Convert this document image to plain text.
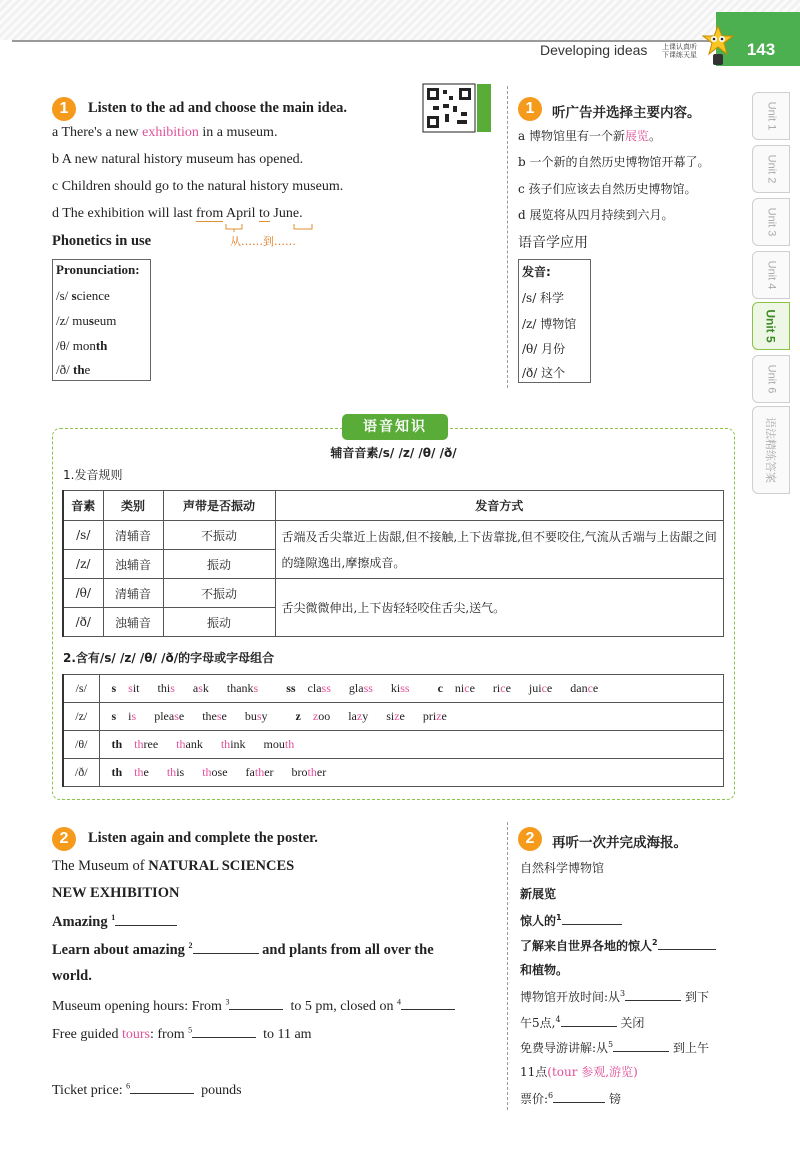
Developing ideas 上课认真听
下课练天星	143
Unit 1
Unit 2
Unit 3
Unit 4
Unit 5
Unit 6
语法精练答案
1	Listen to the ad and choose the main idea.
a There's a new exhibition in a museum.
b A new natural history museum has opened.
c Children should go to the natural history museum.
d The exhibition will last from April to June.
从……到……
Phonetics in use
Pronunciation:
/s/ science
/z/ museum
/θ/ month
/ð/ the
1	听广告并选择主要内容。
a 博物馆里有一个新展览。
b 一个新的自然历史博物馆开幕了。
c 孩子们应该去自然历史博物馆。
d 展览将从四月持续到六月。
语音学应用
发音:
/s/ 科学
/z/ 博物馆
/θ/ 月份
/ð/ 这个
语音知识
辅音音素/s/ /z/ /θ/ /ð/
1.发音规则
音素	类别	声带是否振动	发音方式
/s/	清辅音	不振动	舌端及舌尖靠近上齿龈,但不接触,上下齿靠拢,但不要咬住,气流从舌端与上齿龈之间的缝隙逸出,摩擦成音。
/z/	浊辅音	振动	
/θ/	清辅音	不振动	舌尖微微伸出,上下齿轻轻咬住舌尖,送气。
/ð/	浊辅音	振动	
2.含有/s/ /z/ /θ/ /ð/的字母或字母组合
/s/	s sit this ask thanks ss class glass kiss c nice rice juice dance
/z/	s is please these busy z zoo lazy size prize
/θ/	th three thank think mouth
/ð/	th the this those father brother
2	Listen again and complete the poster.
The Museum of NATURAL SCIENCES
NEW EXHIBITION
Amazing $^1$
Learn about amazing $^2$	and plants from all over the
world.
Museum opening hours: From $^3$	to 5 pm, closed on $^4$
Free guided tours: from $^5$	to 11 am
Ticket price: $^6$	pounds
2	再听一次并完成海报。
自然科学博物馆
新展览
惊人的$^1$
了解来自世界各地的惊人$^2$
和植物。
博物馆开放时间:从$^3$	到下
午5点,$^4$	关闭
免费导游讲解:从$^5$	到上午
11点(tour 参观,游览)
票价:$^6$	镑
